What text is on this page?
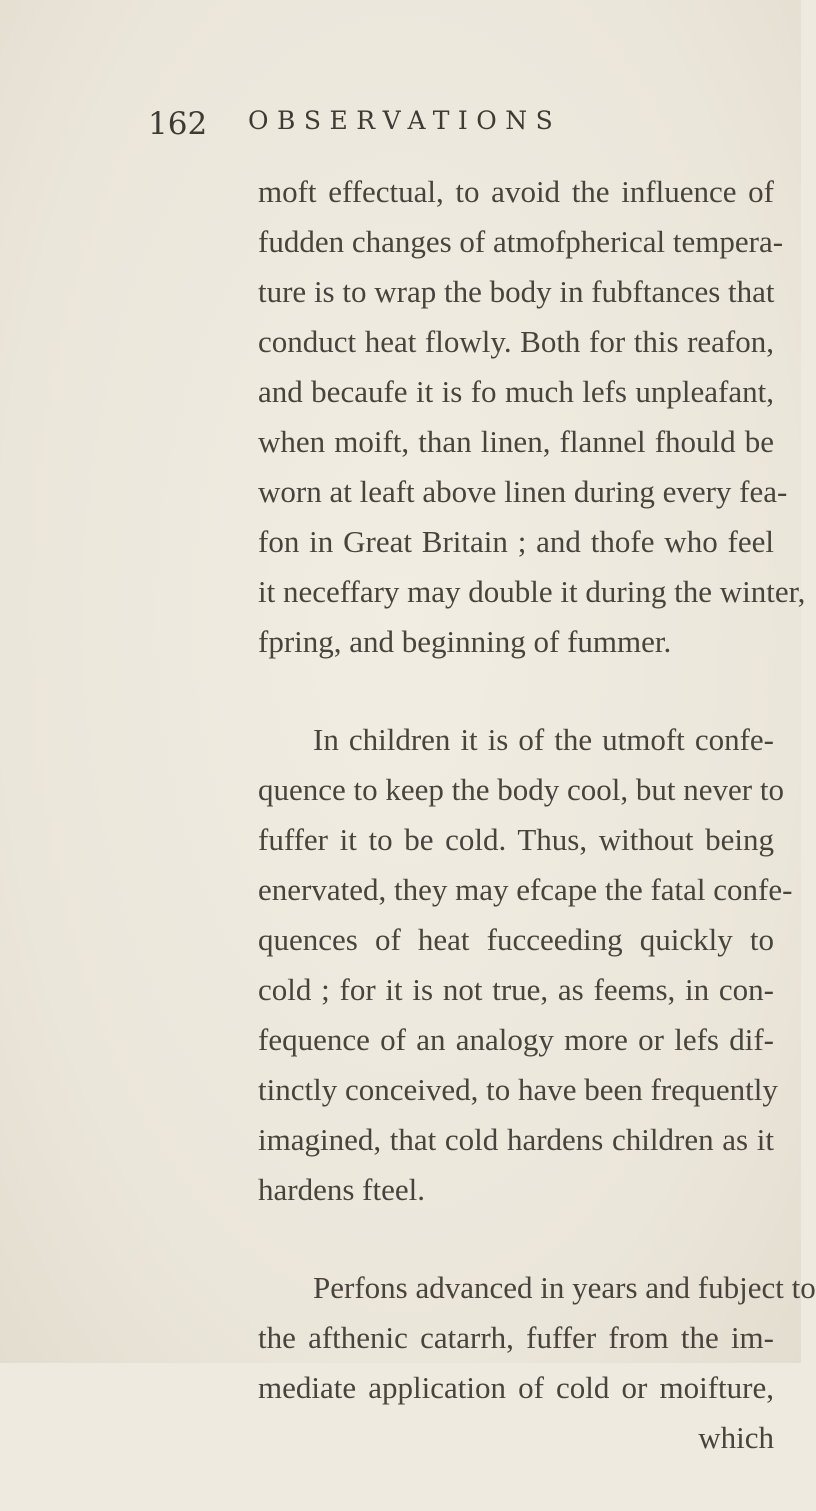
162 OBSERVATIONS
moft effectual, to avoid the influence of
fudden changes of atmofpherical tempera-
ture is to wrap the body in fubftances that
conduct heat flowly. Both for this reafon,
and becaufe it is fo much lefs unpleafant,
when moift, than linen, flannel fhould be
worn at leaft above linen during every fea-
fon in Great Britain ; and thofe who feel
it neceffary may double it during the winter,
fpring, and beginning of fummer.
In children it is of the utmoft confe-
quence to keep the body cool, but never to
fuffer it to be cold. Thus, without being
enervated, they may efcape the fatal confe-
quences of heat fucceeding quickly to
cold ; for it is not true, as feems, in con-
fequence of an analogy more or lefs dif-
tinctly conceived, to have been frequently
imagined, that cold hardens children as it
hardens fteel.
Perfons advanced in years and fubject to
the afthenic catarrh, fuffer from the im-
mediate application of cold or moifture,
which
